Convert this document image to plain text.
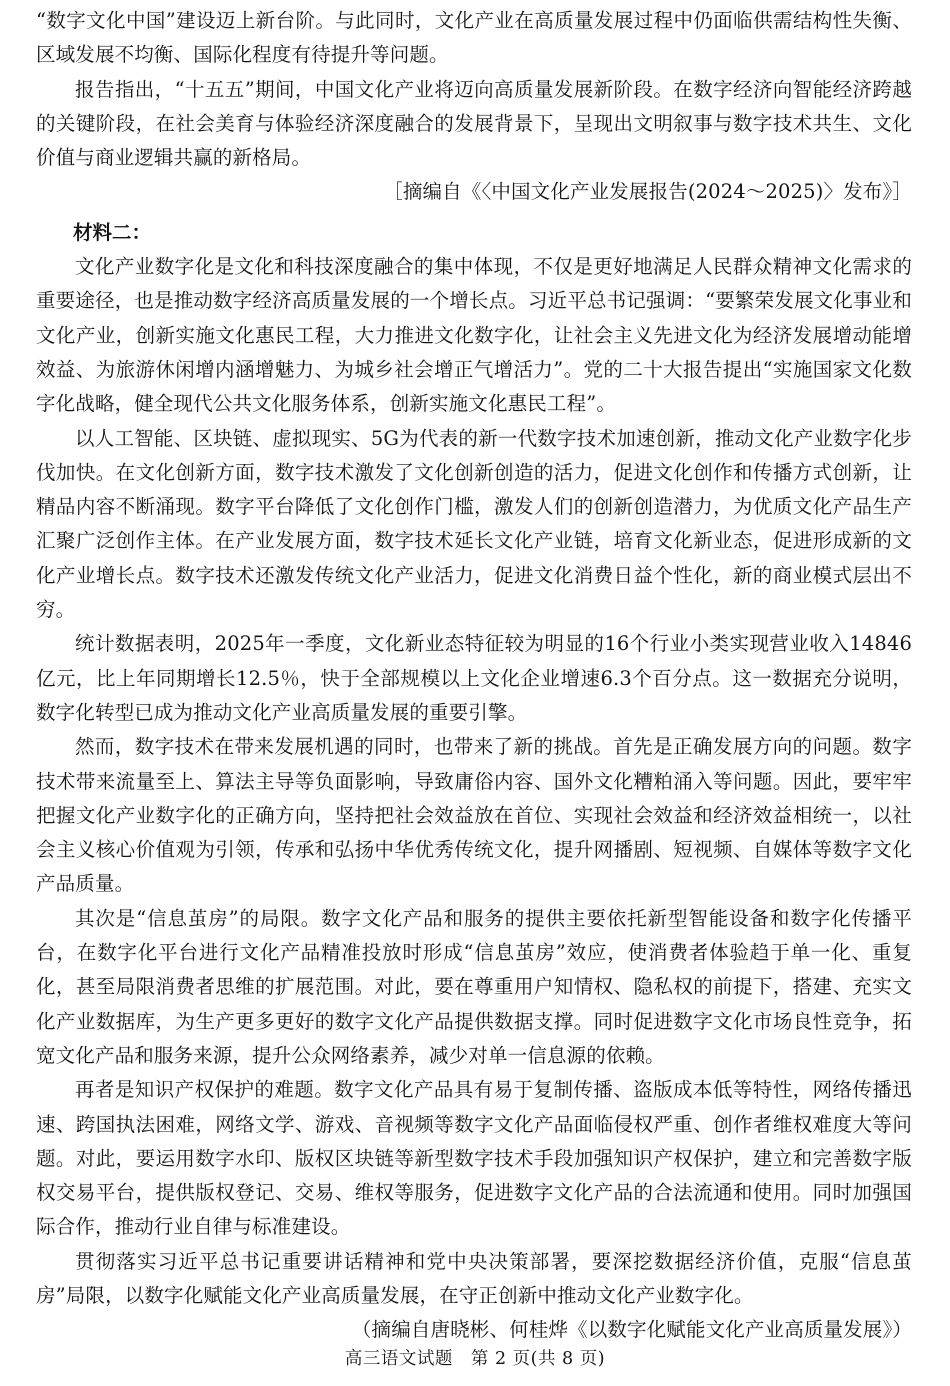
“数字文化中国”建设迈上新台阶。与此同时，文化产业在高质量发展过程中仍面临供需结构性失衡、区域发展不均衡、国际化程度有待提升等问题。

报告指出，“十五五”期间，中国文化产业将迈向高质量发展新阶段。在数字经济向智能经济跨越的关键阶段，在社会美育与体验经济深度融合的发展背景下，呈现出文明叙事与数字技术共生、文化价值与商业逻辑共赢的新格局。

［摘编自《〈中国文化产业发展报告(2024～2025)〉发布》］

材料二：

文化产业数字化是文化和科技深度融合的集中体现，不仅是更好地满足人民群众精神文化需求的重要途径，也是推动数字经济高质量发展的一个增长点。习近平总书记强调：“要繁荣发展文化事业和文化产业，创新实施文化惠民工程，大力推进文化数字化，让社会主义先进文化为经济发展增动能增效益、为旅游休闲增内涵增魅力、为城乡社会增正气增活力”。党的二十大报告提出“实施国家文化数字化战略，健全现代公共文化服务体系，创新实施文化惠民工程”。

以人工智能、区块链、虚拟现实、5G为代表的新一代数字技术加速创新，推动文化产业数字化步伐加快。在文化创新方面，数字技术激发了文化创新创造的活力，促进文化创作和传播方式创新，让精品内容不断涌现。数字平台降低了文化创作门槛，激发人们的创新创造潜力，为优质文化产品生产汇聚广泛创作主体。在产业发展方面，数字技术延长文化产业链，培育文化新业态，促进形成新的文化产业增长点。数字技术还激发传统文化产业活力，促进文化消费日益个性化，新的商业模式层出不穷。

统计数据表明，2025年一季度，文化新业态特征较为明显的16个行业小类实现营业收入14846亿元，比上年同期增长12.5％，快于全部规模以上文化企业增速6.3个百分点。这一数据充分说明，数字化转型已成为推动文化产业高质量发展的重要引擎。

然而，数字技术在带来发展机遇的同时，也带来了新的挑战。首先是正确发展方向的问题。数字技术带来流量至上、算法主导等负面影响，导致庸俗内容、国外文化糟粕涌入等问题。因此，要牢牢把握文化产业数字化的正确方向，坚持把社会效益放在首位、实现社会效益和经济效益相统一，以社会主义核心价值观为引领，传承和弘扬中华优秀传统文化，提升网播剧、短视频、自媒体等数字文化产品质量。

其次是“信息茧房”的局限。数字文化产品和服务的提供主要依托新型智能设备和数字化传播平台，在数字化平台进行文化产品精准投放时形成“信息茧房”效应，使消费者体验趋于单一化、重复化，甚至局限消费者思维的扩展范围。对此，要在尊重用户知情权、隐私权的前提下，搭建、充实文化产业数据库，为生产更多更好的数字文化产品提供数据支撑。同时促进数字文化市场良性竞争，拓宽文化产品和服务来源，提升公众网络素养，减少对单一信息源的依赖。

再者是知识产权保护的难题。数字文化产品具有易于复制传播、盗版成本低等特性，网络传播迅速、跨国执法困难，网络文学、游戏、音视频等数字文化产品面临侵权严重、创作者维权难度大等问题。对此，要运用数字水印、版权区块链等新型数字技术手段加强知识产权保护，建立和完善数字版权交易平台，提供版权登记、交易、维权等服务，促进数字文化产品的合法流通和使用。同时加强国际合作，推动行业自律与标准建设。

贯彻落实习近平总书记重要讲话精神和党中央决策部署，要深挖数据经济价值，克服“信息茧房”局限，以数字化赋能文化产业高质量发展，在守正创新中推动文化产业数字化。

（摘编自唐晓彬、何桂烨《以数字化赋能文化产业高质量发展》）

高三语文试题　第 2 页(共 8 页)
